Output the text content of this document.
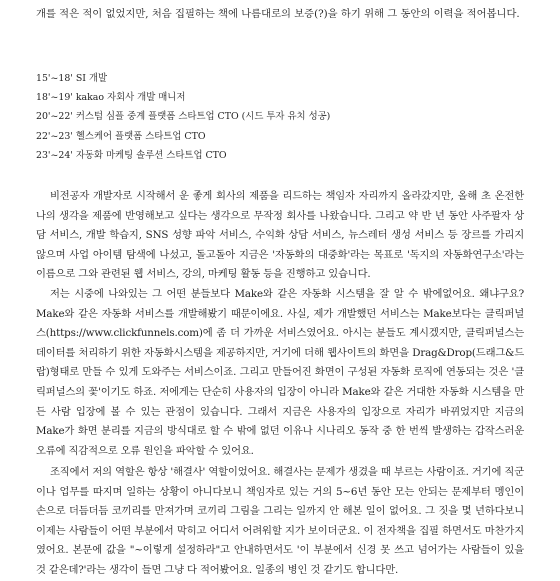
개를 적은 적이 없었지만, 처음 집필하는 책에 나름대로의 보증(?)을 하기 위해 그 동안의 이력을 적어봅니다.

15'~18' SI 개발
18'~19' kakao 자회사 개발 매니저
20'~22' 커스텀 심플 중계 플랫폼 스타트업 CTO (시드 투자 유치 성공)
22'~23' 헬스케어 플랫폼 스타트업 CTO
23'~24' 자동화 마케팅 솔루션 스타트업 CTO

비전공자 개발자로 시작해서 운 좋게 회사의 제품을 리드하는 책임자 자리까지 올라갔지만, 올해 초 온전한 나의 생각을 제품에 반영해보고 싶다는 생각으로 무작정 회사를 나왔습니다. 그리고 약 반 년 동안 사주팔자 상담 서비스, 개발 학습지, SNS 성향 파악 서비스, 수익화 상담 서비스, 뉴스레터 생성 서비스 등 장르를 가리지 않으며 사업 아이템 탐색에 나섰고, 돌고돌아 지금은 '자동화의 대중화'라는 목표로 '독지의 자동화연구소'라는 이름으로 그와 관련된 웹 서비스, 강의, 마케팅 활동 등을 진행하고 있습니다.

저는 시중에 나와있는 그 어떤 분들보다 Make와 같은 자동화 시스템을 잘 알 수 밖에없어요. 왜냐구요? Make와 같은 자동화 서비스를 개발해봤기 때문이에요. 사실, 제가 개발했던 서비스는 Make보다는 클릭퍼널스(https://www.clickfunnels.com)에 좀 더 가까운 서비스였어요. 아시는 분들도 계시겠지만, 클릭퍼널스는 데이터를 처리하기 위한 자동화시스템을 제공하지만, 거기에 더해 웹사이트의 화면을 Drag&Drop(드래그&드랍)형태로 만들 수 있게 도와주는 서비스이죠. 그리고 만들어진 화면이 구성된 자동화 로직에 연동되는 것은 '클릭퍼널스의 꽃'이기도 하죠. 저에게는 단순히 사용자의 입장이 아니라 Make와 같은 거대한 자동화 시스템을 만든 사람 입장에 볼 수 있는 관점이 있습니다. 그래서 지금은 사용자의 입장으로 자리가 바뀌었지만 지금의 Make가 화면 분리를 지금의 방식대로 할 수 밖에 없던 이유나 시나리오 동작 중 한 번씩 발생하는 갑작스러운 오류에 직감적으로 오류 원인을 파악할 수 있어요.

조직에서 저의 역할은 항상 '해결사' 역할이었어요. 해결사는 문제가 생겼을 때 부르는 사람이죠. 거기에 직군이나 업무를 따지며 일하는 상황이 아니다보니 책임자로 있는 거의 5~6년 동안 모는 안되는 문제부터 멩인이 손으로 더듬더듬 코끼리를 만져가며 코끼리 그림을 그리는 일까지 안 해본 일이 없어요. 그 짓을 몇 년하다보니 이제는 사람들이 어떤 부분에서 막히고 어디서 어려워할 지가 보이더군요. 이 전자책을 집필 하면서도 마찬가지였어요. 본문에 값을 "~이렇게 설정하라"고 안내하면서도 '이 부분에서 신경 못 쓰고 넘어가는 사람들이 있을 것 같은데?'라는 생각이 들면 그냥 다 적어봤어요. 일종의 병인 것 같기도 합니다만.
